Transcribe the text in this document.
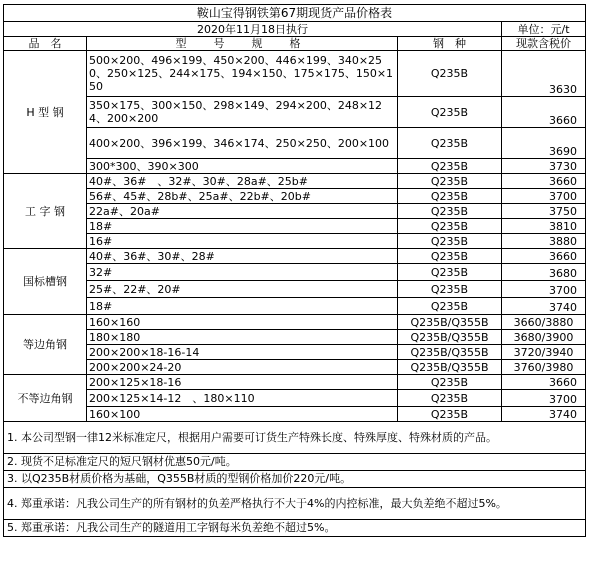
鞍山宝得钢铁第67期现货产品价格表			
2020年11月18日执行			单位：元/t
品　名	型　号　规　格	钢　种	现款含税价
H 型 钢	500×200、496×199、450×200、446×199、340×250、250×125、244×175、194×150、175×175、150×150	Q235B	3630
	350×175、300×150、298×149、294×200、248×124、200×200	Q235B	3660
	400×200、396×199、346×174、250×250、200×100	Q235B	3690
	300*300、390×300	Q235B	3730
工 字 钢	40#、36#　、32#、30#、28a#、25b#	Q235B	3660
	56#、45#、28b#、25a#、22b#、20b#	Q235B	3700
	22a#、20a#	Q235B	3750
	18#	Q235B	3810
	16#	Q235B	3880
国标槽钢	40#、36#、30#、28#	Q235B	3660
	32#	Q235B	3680
	25#、22#、20#	Q235B	3700
	18#	Q235B	3740
等边角钢	160×160	Q235B/Q355B	3660/3880
	180×180	Q235B/Q355B	3680/3900
	200×200×18-16-14	Q235B/Q355B	3720/3940
	200×200×24-20	Q235B/Q355B	3760/3980
不等边角钢	200×125×18-16	Q235B	3660
	200×125×14-12　、180×110	Q235B	3700
	160×100	Q235B	3740
1. 本公司型钢一律12米标准定尺，根据用户需要可订货生产特殊长度、特殊厚度、特殊材质的产品。			
2. 现货不足标准定尺的短尺钢材优惠50元/吨。			
3. 以Q235B材质价格为基础，Q355B材质的型钢价格加价220元/吨。			
4. 郑重承诺：凡我公司生产的所有钢材的负差严格执行不大于4%的内控标准，最大负差绝不超过5%。			
5. 郑重承诺：凡我公司生产的隧道用工字钢每米负差绝不超过5%。			
